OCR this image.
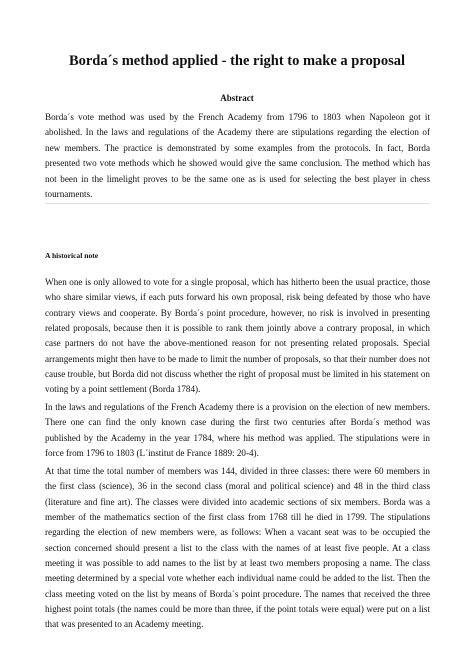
Borda´s method applied - the right to make a proposal
Abstract

Borda´s vote method was used by the French Academy from 1796 to 1803 when Napoleon got it abolished. In the laws and regulations of the Academy there are stipulations regarding the election of new members. The practice is demonstrated by some examples from the protocols. In fact, Borda presented two vote methods which he showed would give the same conclusion. The method which has not been in the limelight proves to be the same one as is used for selecting the best player in chess tournaments.

A historical note

When one is only allowed to vote for a single proposal, which has hitherto been the usual practice, those who share similar views, if each puts forward his own proposal, risk being defeated by those who have contrary views and cooperate. By Borda´s point procedure, however, no risk is involved in presenting related proposals, because then it is possible to rank them jointly above a contrary proposal, in which case partners do not have the above-mentioned reason for not presenting related proposals. Special arrangements might then have to be made to limit the number of proposals, so that their number does not cause trouble, but Borda did not discuss whether the right of proposal must be limited in his statement on voting by a point settlement (Borda 1784).

In the laws and regulations of the French Academy there is a provision on the election of new members. There one can find the only known case during the first two centuries after Borda´s method was published by the Academy in the year 1784, where his method was applied. The stipulations were in force from 1796 to 1803 (L´institut de France 1889: 20-4).

At that time the total number of members was 144, divided in three classes: there were 60 members in the first class (science), 36 in the second class (moral and political science) and 48 in the third class (literature and fine art). The classes were divided into academic sections of six members. Borda was a member of the mathematics section of the first class from 1768 till he died in 1799. The stipulations regarding the election of new members were, as follows: When a vacant seat was to be occupied the section concerned should present a list to the class with the names of at least five people. At a class meeting it was possible to add names to the list by at least two members proposing a name. The class meeting determined by a special vote whether each individual name could be added to the list. Then the class meeting voted on the list by means of Borda´s point procedure. The names that received the three highest point totals (the names could be more than three, if the point totals were equal) were put on a list that was presented to an Academy meeting.
